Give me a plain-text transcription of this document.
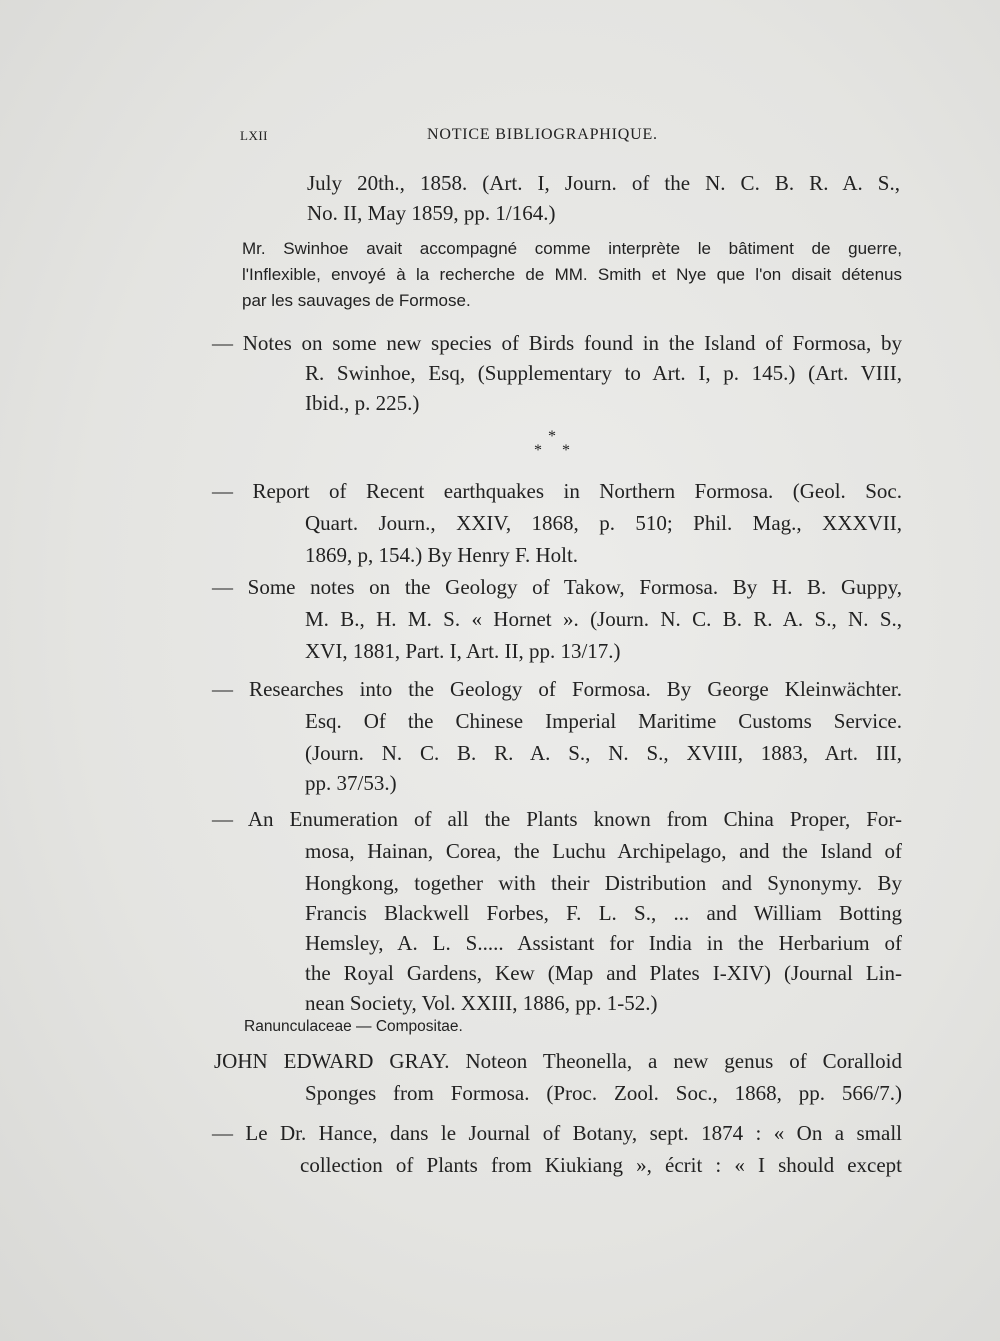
LXII	NOTICE BIBLIOGRAPHIQUE.
July 20th., 1858. (Art. I, Journ. of the N. C. B. R. A. S.,
No. II, May 1859, pp. 1/164.)
Mr. Swinhoe avait accompagné comme interprète le bâtiment de guerre,
l'Inflexible, envoyé à la recherche de MM. Smith et Nye que l'on disait détenus
par les sauvages de Formose.
— Notes on some new species of Birds found in the Island of Formosa, by
R. Swinhoe, Esq, (Supplementary to Art. I, p. 145.) (Art. VIII,
Ibid., p. 225.)
*
* *
— Report of Recent earthquakes in Northern Formosa. (Geol. Soc.
Quart. Journ., XXIV, 1868, p. 510; Phil. Mag., XXXVII,
1869, p, 154.) By Henry F. Holt.
— Some notes on the Geology of Takow, Formosa. By H. B. Guppy,
M. B., H. M. S. « Hornet ». (Journ. N. C. B. R. A. S., N. S.,
XVI, 1881, Part. I, Art. II, pp. 13/17.)
— Researches into the Geology of Formosa. By George Kleinwächter.
Esq. Of the Chinese Imperial Maritime Customs Service.
(Journ. N. C. B. R. A. S., N. S., XVIII, 1883, Art. III,
pp. 37/53.)
— An Enumeration of all the Plants known from China Proper, For-
mosa, Hainan, Corea, the Luchu Archipelago, and the Island of
Hongkong, together with their Distribution and Synonymy. By
Francis Blackwell Forbes, F. L. S., ... and William Botting
Hemsley, A. L. S..... Assistant for India in the Herbarium of
the Royal Gardens, Kew (Map and Plates I-XIV) (Journal Lin-
nean Society, Vol. XXIII, 1886, pp. 1-52.)
Ranunculaceae — Compositae.
JOHN EDWARD GRAY. Noteon Theonella, a new genus of Coralloid
Sponges from Formosa. (Proc. Zool. Soc., 1868, pp. 566/7.)
— Le Dr. Hance, dans le Journal of Botany, sept. 1874 : « On a small
collection of Plants from Kiukiang », écrit : « I should except
